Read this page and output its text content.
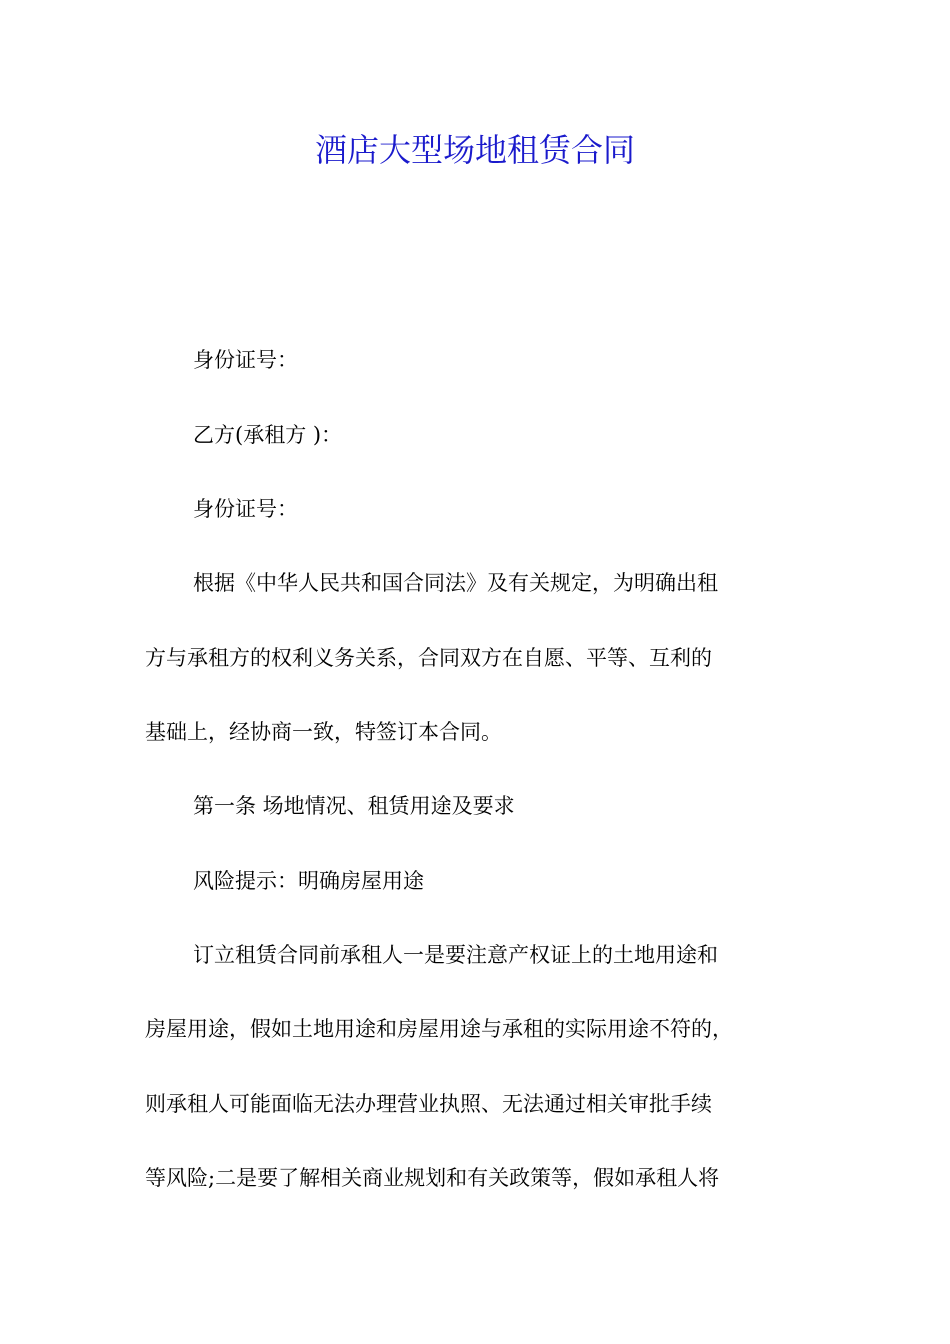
酒店大型场地租赁合同

身份证号：

乙方(承租方 )：

身份证号：

根据《中华人民共和国合同法》及有关规定，为明确出租

方与承租方的权利义务关系，合同双方在自愿、平等、互利的

基础上，经协商一致，特签订本合同。

第一条 场地情况、租赁用途及要求

风险提示：明确房屋用途

订立租赁合同前承租人一是要注意产权证上的土地用途和

房屋用途，假如土地用途和房屋用途与承租的实际用途不符的，

则承租人可能面临无法办理营业执照、无法通过相关审批手续

等风险;二是要了解相关商业规划和有关政策等，假如承租人将
